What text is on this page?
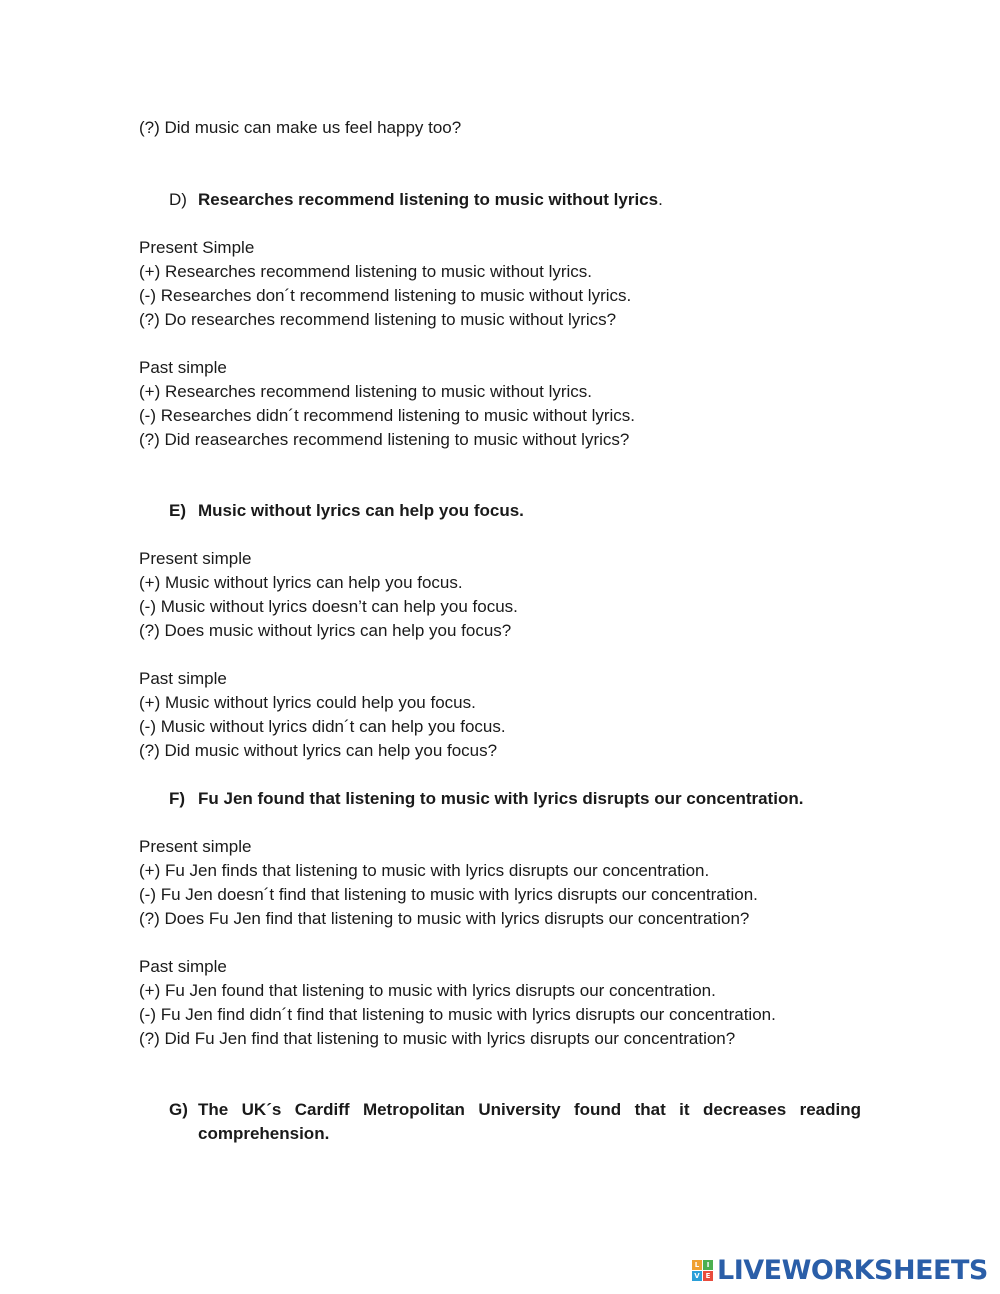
(?) Did music can make us feel happy too?
D) Researches recommend listening to music without lyrics.
Present Simple
(+) Researches recommend listening to music without lyrics.
(-) Researches don´t recommend listening to music without lyrics.
(?) Do researches recommend listening to music without lyrics?
Past simple
(+) Researches recommend listening to music without lyrics.
(-) Researches didn´t recommend listening to music without lyrics.
(?) Did reasearches recommend listening to music without lyrics?
E) Music without lyrics can help you focus.
Present simple
(+) Music without lyrics can help you focus.
(-) Music without lyrics doesn’t can help you focus.
(?) Does music without lyrics can help you focus?
Past simple
(+) Music without lyrics could help you focus.
(-) Music without lyrics didn´t can help you focus.
(?) Did music without lyrics can help you focus?
F) Fu Jen found that listening to music with lyrics disrupts our concentration.
Present simple
(+) Fu Jen finds that listening to music with lyrics disrupts our concentration.
(-) Fu Jen doesn´t find that listening to music with lyrics disrupts our concentration.
(?) Does Fu Jen find that listening to music with lyrics disrupts our concentration?
Past simple
(+) Fu Jen found that listening to music with lyrics disrupts our concentration.
(-) Fu Jen find didn´t find that listening to music with lyrics disrupts our concentration.
(?) Did Fu Jen find that listening to music with lyrics disrupts our concentration?
G) The UK´s Cardiff Metropolitan University found that it decreases reading comprehension.
L	I
V E LIVEWORKSHEETS
